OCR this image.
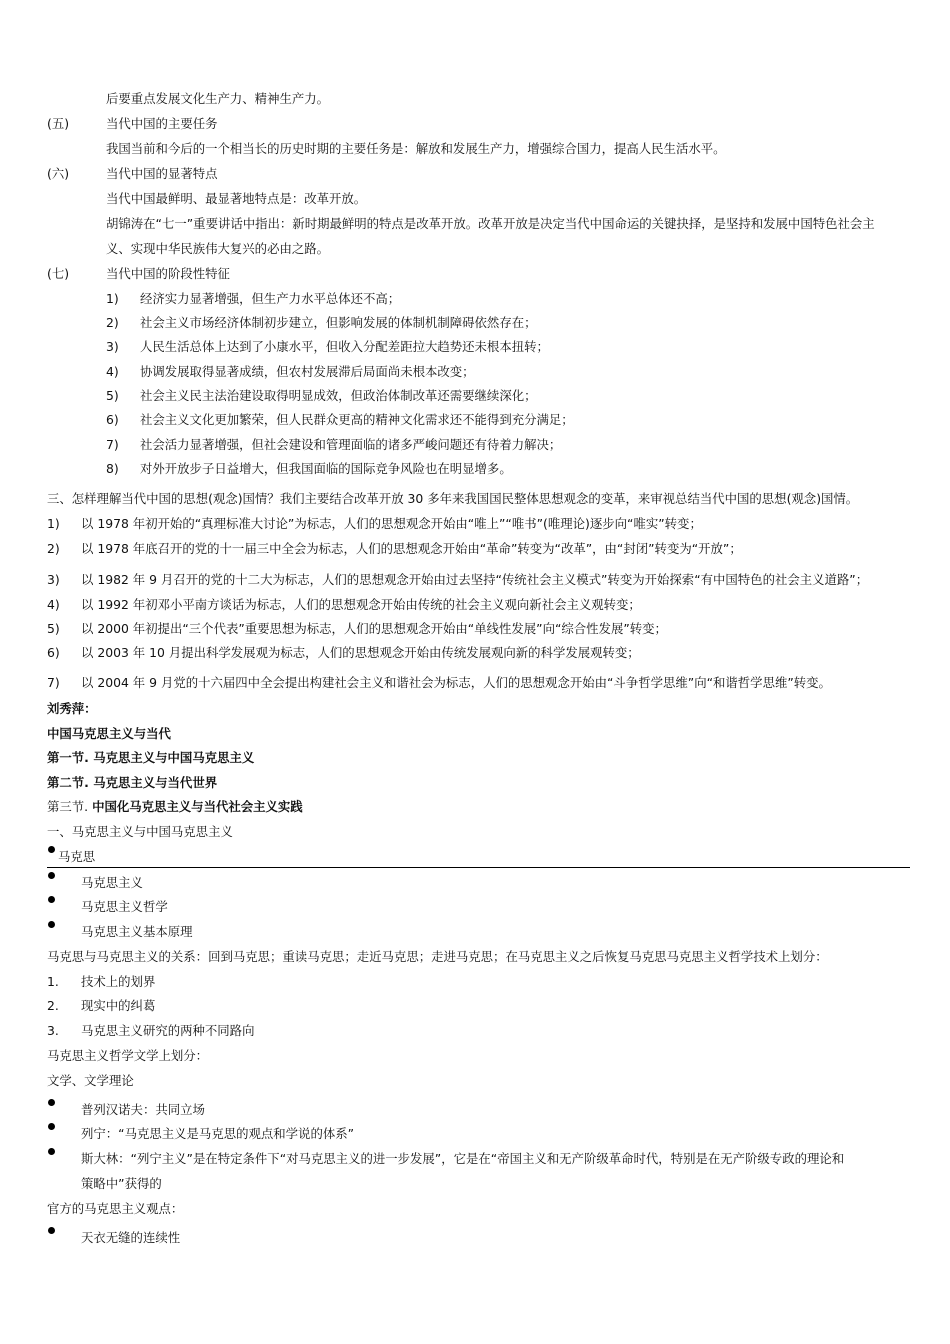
后要重点发展文化生产力、精神生产力。
(五)	当代中国的主要任务
我国当前和今后的一个相当长的历史时期的主要任务是：解放和发展生产力，增强综合国力，提高人民生活水平。
(六)	当代中国的显著特点
当代中国最鲜明、最显著地特点是：改革开放。
胡锦涛在“七一”重要讲话中指出：新时期最鲜明的特点是改革开放。改革开放是决定当代中国命运的关键抉择，是坚持和发展中国特色社会主
义、实现中华民族伟大复兴的必由之路。
(七)	当代中国的阶段性特征
1) 经济实力显著增强，但生产力水平总体还不高；
2) 社会主义市场经济体制初步建立，但影响发展的体制机制障碍依然存在；
3) 人民生活总体上达到了小康水平，但收入分配差距拉大趋势还未根本扭转；
4) 协调发展取得显著成绩，但农村发展滞后局面尚未根本改变；
5) 社会主义民主法治建设取得明显成效，但政治体制改革还需要继续深化；
6) 社会主义文化更加繁荣，但人民群众更高的精神文化需求还不能得到充分满足；
7) 社会活力显著增强，但社会建设和管理面临的诸多严峻问题还有待着力解决；
8) 对外开放步子日益增大，但我国面临的国际竞争风险也在明显增多。
三、怎样理解当代中国的思想(观念)国情？我们主要结合改革开放 30 多年来我国国民整体思想观念的变革，来审视总结当代中国的思想(观念)国情。
1) 以 1978 年初开始的“真理标准大讨论”为标志，人们的思想观念开始由“唯上”“唯书”(唯理论)逐步向“唯实”转变；
2) 以 1978 年底召开的党的十一届三中全会为标志，人们的思想观念开始由“革命”转变为“改革”，由“封闭”转变为“开放”；
3) 以 1982 年 9 月召开的党的十二大为标志，人们的思想观念开始由过去坚持“传统社会主义模式”转变为开始探索“有中国特色的社会主义道路”；
4) 以 1992 年初邓小平南方谈话为标志，人们的思想观念开始由传统的社会主义观向新社会主义观转变；
5) 以 2000 年初提出“三个代表”重要思想为标志，人们的思想观念开始由“单线性发展”向“综合性发展”转变；
6) 以 2003 年 10 月提出科学发展观为标志，人们的思想观念开始由传统发展观向新的科学发展观转变；
7) 以 2004 年 9 月党的十六届四中全会提出构建社会主义和谐社会为标志，人们的思想观念开始由“斗争哲学思维”向“和谐哲学思维”转变。
刘秀萍：
中国马克思主义与当代
第一节. 马克思主义与中国马克思主义
第二节. 马克思主义与当代世界
第三节. 中国化马克思主义与当代社会主义实践
一、马克思主义与中国马克思主义
马克思
马克思主义
马克思主义哲学
马克思主义基本原理
马克思与马克思主义的关系：回到马克思；重读马克思；走近马克思；走进马克思；在马克思主义之后恢复马克思马克思主义哲学技术上划分：
1. 技术上的划界
2. 现实中的纠葛
3. 马克思主义研究的两种不同路向
马克思主义哲学文学上划分：
文学、文学理论
普列汉诺夫：共同立场
列宁：“马克思主义是马克思的观点和学说的体系”
斯大林：“列宁主义”是在特定条件下“对马克思主义的进一步发展”，它是在“帝国主义和无产阶级革命时代，特别是在无产阶级专政的理论和
策略中”获得的
官方的马克思主义观点：
天衣无缝的连续性
